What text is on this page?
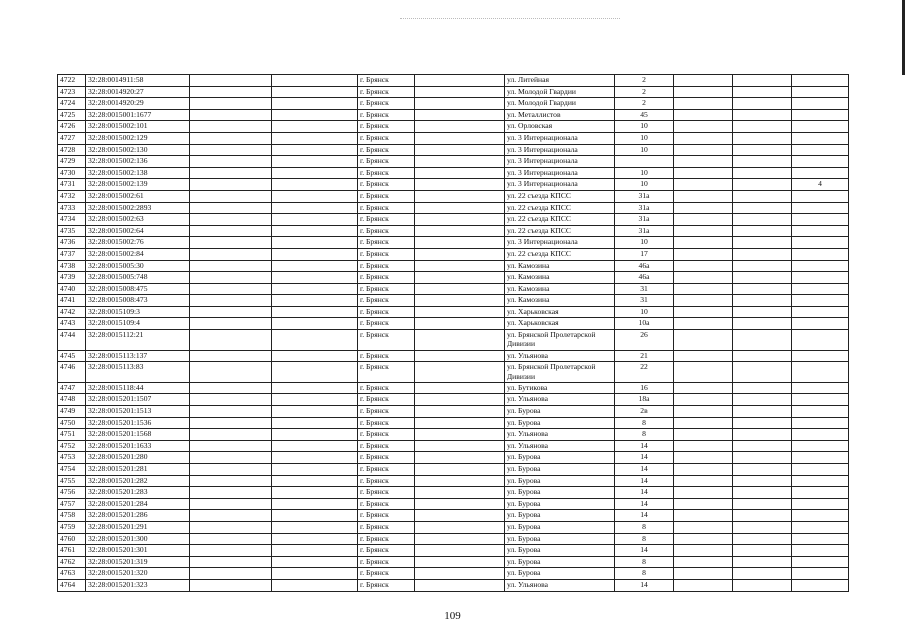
4722	32:28:0014911:58			г. Брянск		ул. Литейная	2			
4723	32:28:0014920:27			г. Брянск		ул. Молодой Гвардии	2			
4724	32:28:0014920:29			г. Брянск		ул. Молодой Гвардии	2			
4725	32:28:0015001:1677			г. Брянск		ул. Металлистов	45			
4726	32:28:0015002:101			г. Брянск		ул. Орловская	10			
4727	32:28:0015002:129			г. Брянск		ул. 3 Интернационала	10			
4728	32:28:0015002:130			г. Брянск		ул. 3 Интернационала	10			
4729	32:28:0015002:136			г. Брянск		ул. 3 Интернационала				
4730	32:28:0015002:138			г. Брянск		ул. 3 Интернационала	10			
4731	32:28:0015002:139			г. Брянск		ул. 3 Интернационала	10			4
4732	32:28:0015002:61			г. Брянск		ул. 22 съезда КПСС	31а			
4733	32:28:0015002:2893			г. Брянск		ул. 22 съезда КПСС	31а			
4734	32:28:0015002:63			г. Брянск		ул. 22 съезда КПСС	31а			
4735	32:28:0015002:64			г. Брянск		ул. 22 съезда КПСС	31а			
4736	32:28:0015002:76			г. Брянск		ул. 3 Интернационала	10			
4737	32:28:0015002:84			г. Брянск		ул. 22 съезда КПСС	17			
4738	32:28:0015005:30			г. Брянск		ул. Камозина	46а			
4739	32:28:0015005:748			г. Брянск		ул. Камозина	46а			
4740	32:28:0015008:475			г. Брянск		ул. Камозина	31			
4741	32:28:0015008:473			г. Брянск		ул. Камозина	31			
4742	32:28:0015109:3			г. Брянск		ул. Харьковская	10			
4743	32:28:0015109:4			г. Брянск		ул. Харьковская	10а			
4744	32:28:0015112:21			г. Брянск		ул. Брянской Пролетарской Дивизии	26			
4745	32:28:0015113:137			г. Брянск		ул. Ульянова	21			
4746	32:28:0015113:83			г. Брянск		ул. Брянской Пролетарской Дивизии	22			
4747	32:28:0015118:44			г. Брянск		ул. Бутикова	16			
4748	32:28:0015201:1507			г. Брянск		ул. Ульянова	18а			
4749	32:28:0015201:1513			г. Брянск		ул. Бурова	2в			
4750	32:28:0015201:1536			г. Брянск		ул. Бурова	8			
4751	32:28:0015201:1568			г. Брянск		ул. Ульянова	8			
4752	32:28:0015201:1633			г. Брянск		ул. Ульянова	14			
4753	32:28:0015201:280			г. Брянск		ул. Бурова	14			
4754	32:28:0015201:281			г. Брянск		ул. Бурова	14			
4755	32:28:0015201:282			г. Брянск		ул. Бурова	14			
4756	32:28:0015201:283			г. Брянск		ул. Бурова	14			
4757	32:28:0015201:284			г. Брянск		ул. Бурова	14			
4758	32:28:0015201:286			г. Брянск		ул. Бурова	14			
4759	32:28:0015201:291			г. Брянск		ул. Бурова	8			
4760	32:28:0015201:300			г. Брянск		ул. Бурова	8			
4761	32:28:0015201:301			г. Брянск		ул. Бурова	14			
4762	32:28:0015201:319			г. Брянск		ул. Бурова	8			
4763	32:28:0015201:320			г. Брянск		ул. Бурова	8			
4764	32:28:0015201:323			г. Брянск		ул. Ульянова	14			
109
